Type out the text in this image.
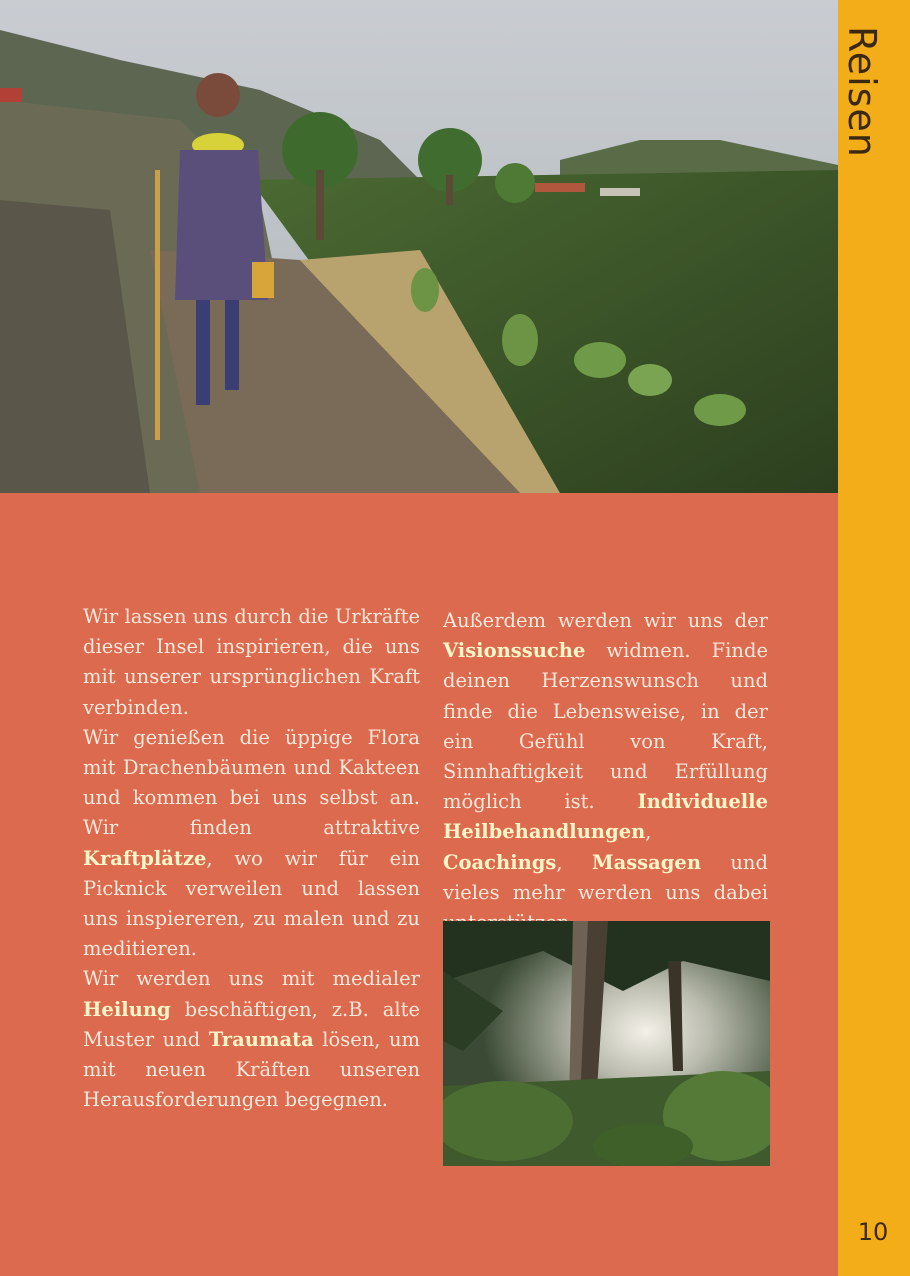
Reisen
10

Wir lassen uns durch die Urkräfte dieser Insel inspirieren, die uns mit unserer ursprünglichen Kraft verbinden.

Wir genießen die üppige Flora mit Drachenbäumen und Kakteen und kommen bei uns selbst an. Wir finden attraktive Kraftplätze, wo wir für ein Picknick verweilen und lassen uns inspiereren, zu malen und zu meditieren.

Wir werden uns mit medialer Heilung beschäftigen, z.B. alte Muster und Traumata lösen, um mit neuen Kräften unseren Herausforderungen begegnen.

Außerdem werden wir uns der Visionssuche widmen. Finde deinen Herzenswunsch und finde die Lebensweise, in der ein Gefühl von Kraft, Sinnhaftigkeit und Erfüllung möglich ist. Individuelle Heilbehandlungen, Coachings, Massagen und vieles mehr werden uns dabei
